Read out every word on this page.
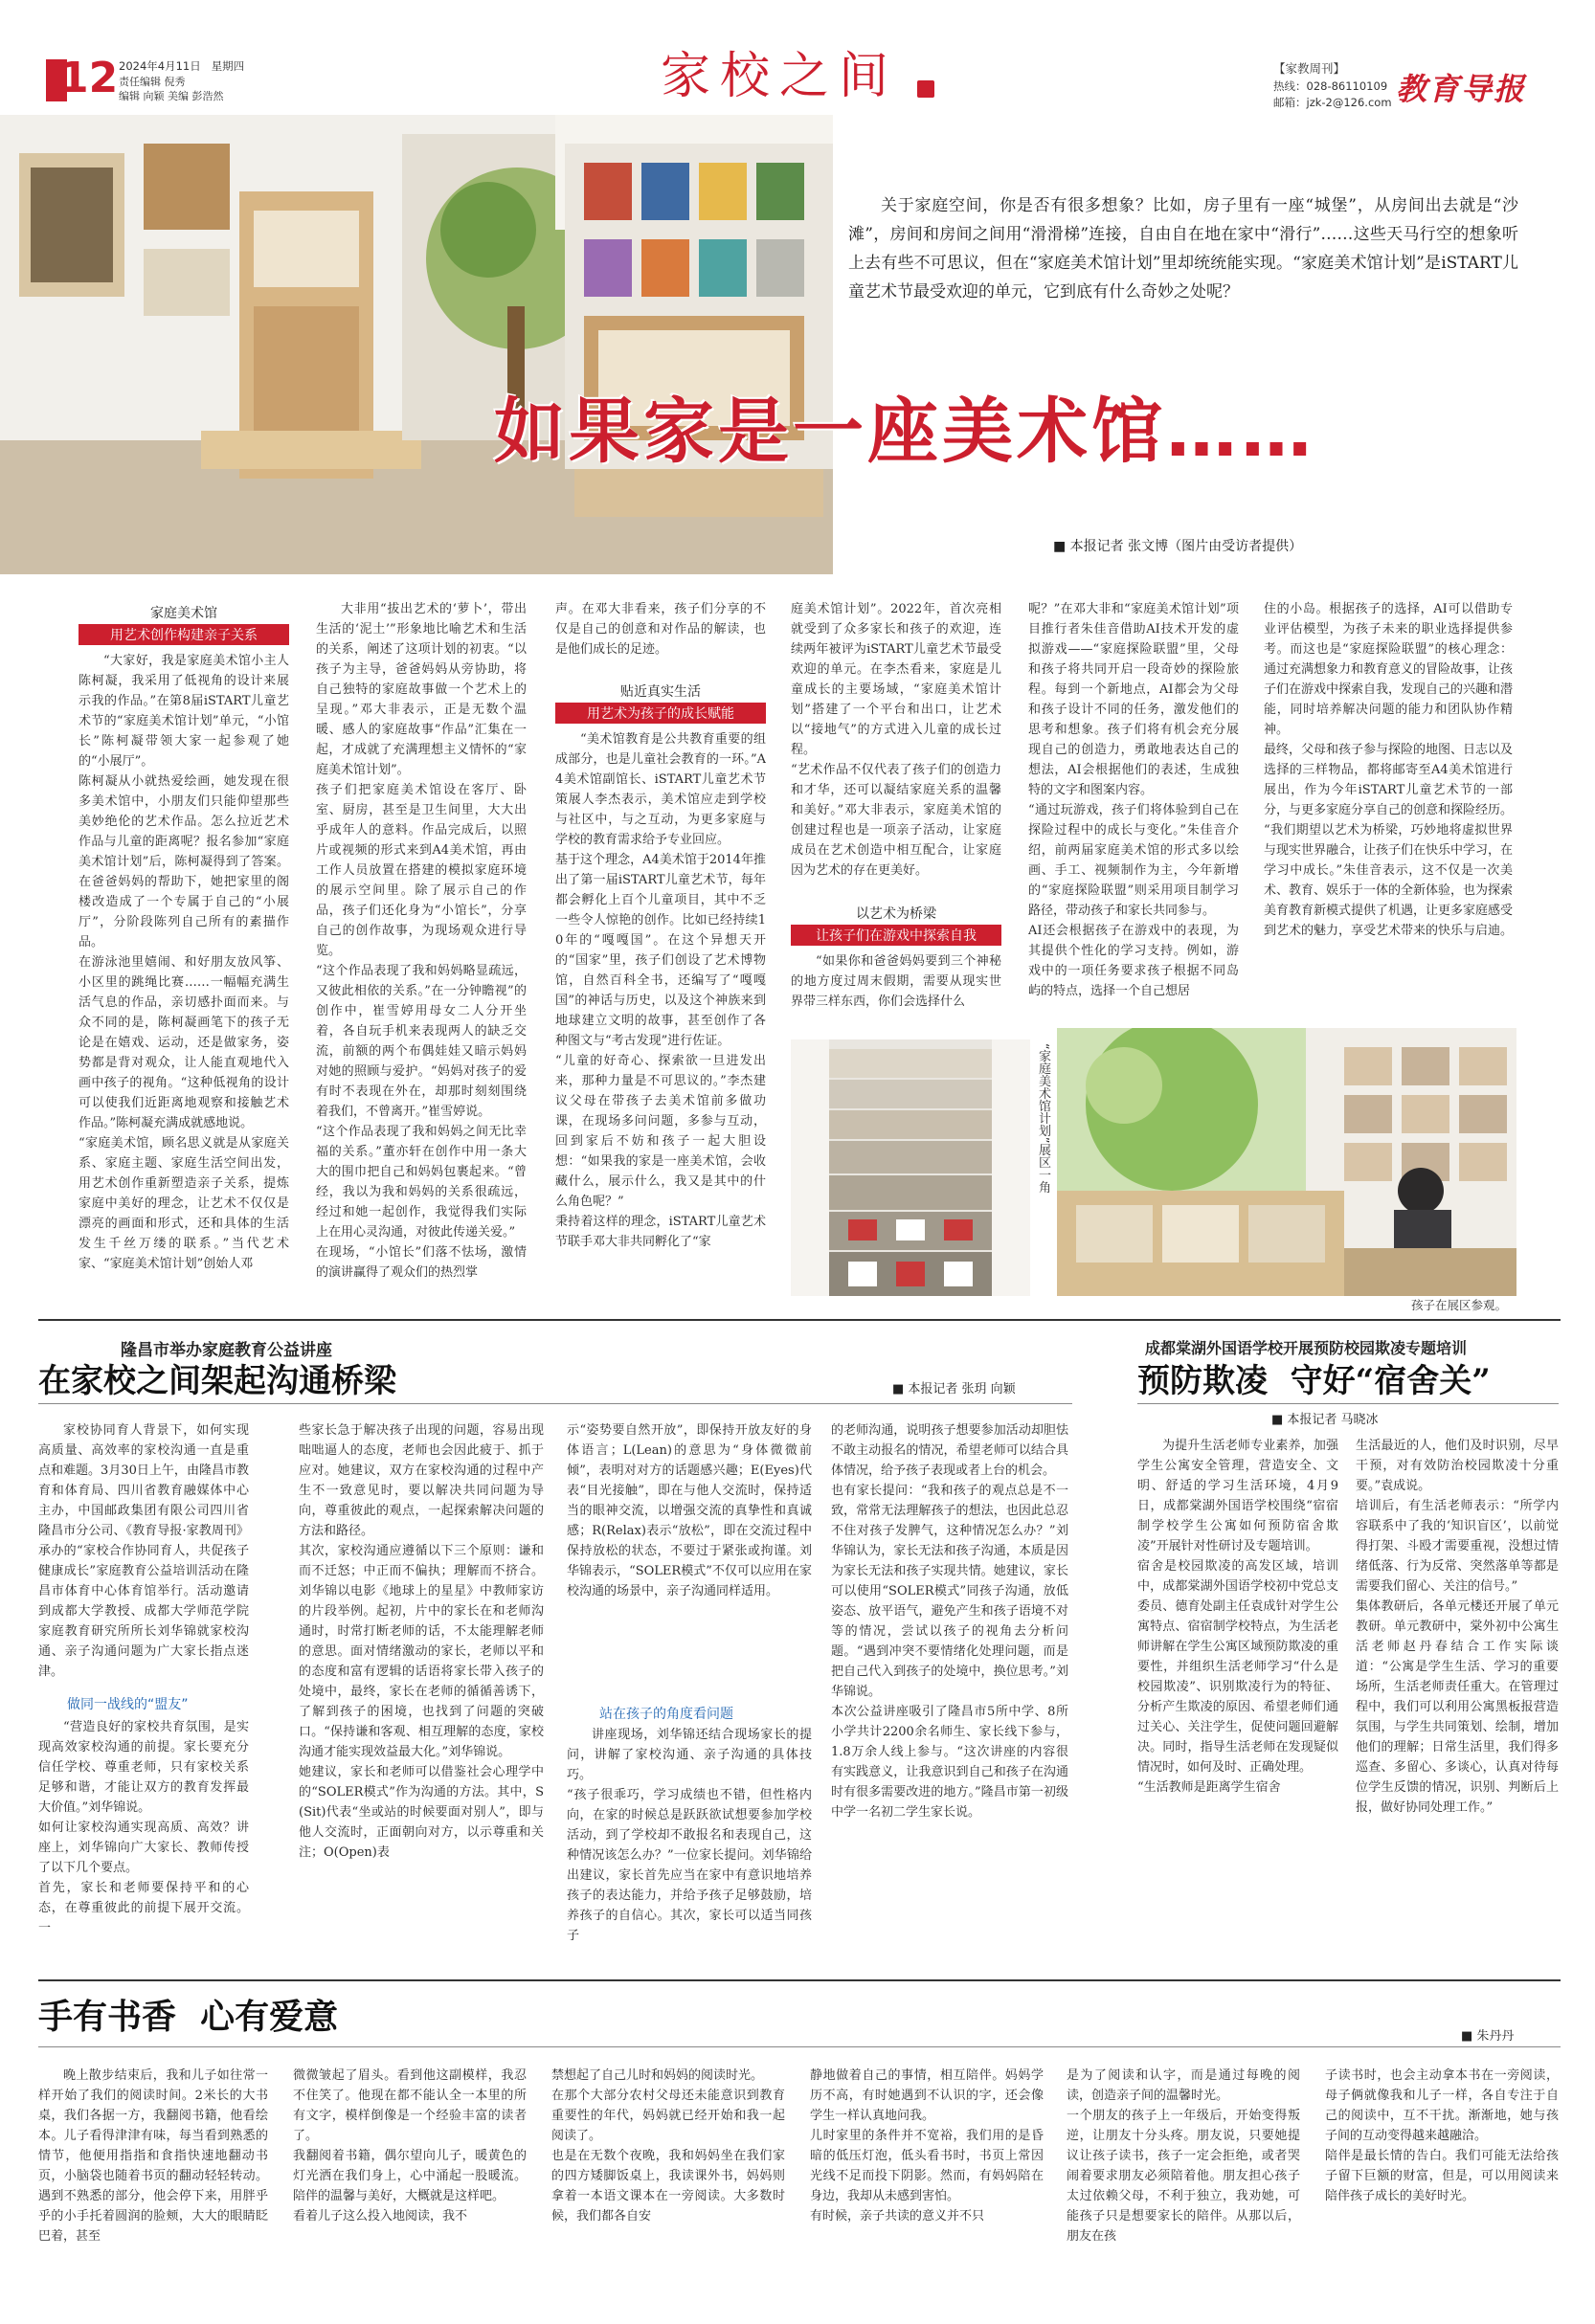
12 2024年4月11日 星期四
责任编辑 倪秀
编辑 向颖 美编 彭浩然	家校之间	【家教周刊】
热线：028-86110109
邮箱：jzk-2@126.com 教育导报
关于家庭空间，你是否有很多想象？比如，房子里有一座“城堡”，从房间出去就是“沙滩”，房间和房间之间用“滑滑梯”连接，自由自在地在家中“滑行”……这些天马行空的想象听上去有些不可思议，但在“家庭美术馆计划”里却统统能实现。“家庭美术馆计划”是iSTART儿童艺术节最受欢迎的单元，它到底有什么奇妙之处呢？
如果家是一座美术馆……
■ 本报记者 张文博（图片由受访者提供）
家庭美术馆
用艺术创作构建亲子关系
“大家好，我是家庭美术馆小主人陈柯凝，我采用了低视角的设计来展示我的作品。”在第8届iSTART儿童艺术节的“家庭美术馆计划”单元，“小馆长”陈柯凝带领大家一起参观了她的“小展厅”。
陈柯凝从小就热爱绘画，她发现在很多美术馆中，小朋友们只能仰望那些美妙绝伦的艺术作品。怎么拉近艺术作品与儿童的距离呢？报名参加“家庭美术馆计划”后，陈柯凝得到了答案。在爸爸妈妈的帮助下，她把家里的阁楼改造成了一个专属于自己的“小展厅”，分阶段陈列自己所有的素描作品。
在游泳池里嬉闹、和好朋友放风筝、小区里的跳绳比赛……一幅幅充满生活气息的作品，亲切感扑面而来。与众不同的是，陈柯凝画笔下的孩子无论是在嬉戏、运动，还是做家务，姿势都是背对观众，让人能直观地代入画中孩子的视角。“这种低视角的设计可以使我们近距离地观察和接触艺术作品。”陈柯凝充满成就感地说。
“家庭美术馆，顾名思义就是从家庭关系、家庭主题、家庭生活空间出发，用艺术创作重新塑造亲子关系，提炼家庭中美好的理念，让艺术不仅仅是漂亮的画面和形式，还和具体的生活发生千丝万缕的联系。”当代艺术家、“家庭美术馆计划”创始人邓
大非用“拔出艺术的‘萝卜’，带出生活的‘泥土’”形象地比喻艺术和生活的关系，阐述了这项计划的初衷。“以孩子为主导，爸爸妈妈从旁协助，将自己独特的家庭故事做一个艺术上的呈现。”邓大非表示，正是无数个温暖、感人的家庭故事“作品”汇集在一起，才成就了充满理想主义情怀的“家庭美术馆计划”。
孩子们把家庭美术馆设在客厅、卧室、厨房，甚至是卫生间里，大大出乎成年人的意料。作品完成后，以照片或视频的形式来到A4美术馆，再由工作人员放置在搭建的模拟家庭环境的展示空间里。除了展示自己的作品，孩子们还化身为“小馆长”，分享自己的创作故事，为现场观众进行导览。
“这个作品表现了我和妈妈略显疏远，又彼此相依的关系。”在一分钟瞻视”的创作中，崔雪婷用母女二人分开坐着，各自玩手机来表现两人的缺乏交流，前额的两个布偶娃娃又暗示妈妈对她的照顾与爱护。“妈妈对孩子的爱有时不表现在外在，却那时刻刻围绕着我们，不曾离开。”崔雪婷说。
“这个作品表现了我和妈妈之间无比幸福的关系。”董亦轩在创作中用一条大大的围巾把自己和妈妈包裹起来。“曾经，我以为我和妈妈的关系很疏远，经过和她一起创作，我觉得我们实际上在用心灵沟通，对彼此传递关爱。”
在现场，“小馆长”们落不怯场，激情的演讲赢得了观众们的热烈掌
声。在邓大非看来，孩子们分享的不仅是自己的创意和对作品的解读，也是他们成长的足迹。
贴近真实生活
用艺术为孩子的成长赋能
“美术馆教育是公共教育重要的组成部分，也是儿童社会教育的一环。”A4美术馆副馆长、iSTART儿童艺术节策展人李杰表示，美术馆应走到学校与社区中，与之互动，为更多家庭与学校的教育需求给予专业回应。
基于这个理念，A4美术馆于2014年推出了第一届iSTART儿童艺术节，每年都会孵化上百个儿童项目，其中不乏一些令人惊艳的创作。比如已经持续10年的“嘎嘎国”。在这个异想天开的“国家”里，孩子们创设了艺术博物馆，自然百科全书，还编写了“嘎嘎国”的神话与历史，以及这个神族来到地球建立文明的故事，甚至创作了各种图文与“考古发现”进行佐证。
“儿童的好奇心、探索欲一旦进发出来，那种力量是不可思议的。”李杰建议父母在带孩子去美术馆前多做功课，在现场多问问题，多参与互动，回到家后不妨和孩子一起大胆设想：“如果我的家是一座美术馆，会收藏什么，展示什么，我又是其中的什么角色呢？”
秉持着这样的理念，iSTART儿童艺术节联手邓大非共同孵化了“家
庭美术馆计划”。2022年，首次亮相就受到了众多家长和孩子的欢迎，连续两年被评为iSTART儿童艺术节最受欢迎的单元。在李杰看来，家庭是儿童成长的主要场域，“家庭美术馆计划”搭建了一个平台和出口，让艺术以“接地气”的方式进入儿童的成长过程。
“艺术作品不仅代表了孩子们的创造力和才华，还可以凝结家庭关系的温馨和美好。”邓大非表示，家庭美术馆的创建过程也是一项亲子活动，让家庭成员在艺术创造中相互配合，让家庭因为艺术的存在更美好。
以艺术为桥梁
让孩子们在游戏中探索自我
“如果你和爸爸妈妈要到三个神秘的地方度过周末假期，需要从现实世界带三样东西，你们会选择什么
呢？”在邓大非和“家庭美术馆计划”项目推行者朱佳音借助AI技术开发的虚拟游戏——“家庭探险联盟”里，父母和孩子将共同开启一段奇妙的探险旅程。每到一个新地点，AI都会为父母和孩子设计不同的任务，激发他们的思考和想象。孩子们将有机会充分展现自己的创造力，勇敢地表达自己的想法，AI会根据他们的表述，生成独特的文字和图案内容。
“通过玩游戏，孩子们将体验到自己在探险过程中的成长与变化。”朱佳音介绍，前两届家庭美术馆的形式多以绘画、手工、视频制作为主，今年新增的“家庭探险联盟”则采用项目制学习路径，带动孩子和家长共同参与。
AI还会根据孩子在游戏中的表现，为其提供个性化的学习支持。例如，游戏中的一项任务要求孩子根据不同岛屿的特点，选择一个自己想居
住的小岛。根据孩子的选择，AI可以借助专业评估模型，为孩子未来的职业选择提供参考。而这也是“家庭探险联盟”的核心理念：通过充满想象力和教育意义的冒险故事，让孩子们在游戏中探索自我，发现自己的兴趣和潜能，同时培养解决问题的能力和团队协作精神。
最终，父母和孩子参与探险的地图、日志以及选择的三样物品，都将邮寄至A4美术馆进行展出，作为今年iSTART儿童艺术节的一部分，与更多家庭分享自己的创意和探险经历。
“我们期望以艺术为桥梁，巧妙地将虚拟世界与现实世界融合，让孩子们在快乐中学习，在学习中成长。”朱佳音表示，这不仅是一次美术、教育、娱乐于一体的全新体验，也为探索美育教育新模式提供了机遇，让更多家庭感受到艺术的魅力，享受艺术带来的快乐与启迪。
“家庭美术馆计划”展区一角
孩子在展区参观。
隆昌市举办家庭教育公益讲座
在家校之间架起沟通桥梁	■ 本报记者 张玥 向颖
家校协同育人背景下，如何实现高质量、高效率的家校沟通一直是重点和难题。3月30日上午，由隆昌市教育和体育局、四川省教育融媒体中心主办，中国邮政集团有限公司四川省隆昌市分公司、《教育导报·家教周刊》承办的“家校合作协同育人，共促孩子健康成长”家庭教育公益培训活动在隆昌市体育中心体育馆举行。活动邀请到成都大学教授、成都大学师范学院家庭教育研究所所长刘华锦就家校沟通、亲子沟通问题为广大家长指点迷津。
做同一战线的“盟友”
“营造良好的家校共育氛围，是实现高效家校沟通的前提。家长要充分信任学校、尊重老师，只有家校关系足够和谐，才能让双方的教育发挥最大价值。”刘华锦说。
如何让家校沟通实现高质、高效？讲座上，刘华锦向广大家长、教师传授了以下几个要点。
首先，家长和老师要保持平和的心态，在尊重彼此的前提下展开交流。一
些家长急于解决孩子出现的问题，容易出现咄咄逼人的态度，老师也会因此疲于、抓于应对。她建议，双方在家校沟通的过程中产生不一致意见时，要以解决共同问题为导向，尊重彼此的观点，一起探索解决问题的方法和路径。
其次，家校沟通应遵循以下三个原则：谦和而不迁怒；中正而不偏执；理解而不挤合。刘华锦以电影《地球上的星星》中教师家访的片段举例。起初，片中的家长在和老师沟通时，时常打断老师的话，不太能理解老师的意思。面对情绪激动的家长，老师以平和的态度和富有逻辑的话语将家长带入孩子的处境中，最终，家长在老师的循循善诱下，了解到孩子的困境，也找到了问题的突破口。“保持谦和客观、相互理解的态度，家校沟通才能实现效益最大化。”刘华锦说。
她建议，家长和老师可以借鉴社会心理学中的“SOLER模式”作为沟通的方法。其中，S(Sit)代表“坐或站的时候要面对别人”，即与他人交流时，正面朝向对方，以示尊重和关注；O(Open)表
示“姿势要自然开放”，即保持开放友好的身体语言；L(Lean)的意思为“身体微微前倾”，表明对对方的话题感兴趣；E(Eyes)代表“目光接触”，即在与他人交流时，保持适当的眼神交流，以增强交流的真挚性和真诚感；R(Relax)表示“放松”，即在交流过程中保持放松的状态，不要过于紧张或拘谨。刘华锦表示，“SOLER模式”不仅可以应用在家校沟通的场景中，亲子沟通同样适用。
站在孩子的角度看问题
讲座现场，刘华锦还结合现场家长的提问，讲解了家校沟通、亲子沟通的具体技巧。
“孩子很乖巧，学习成绩也不错，但性格内向，在家的时候总是跃跃欲试想要参加学校活动，到了学校却不敢报名和表现自己，这种情况该怎么办？”一位家长提问。刘华锦给出建议，家长首先应当在家中有意识地培养孩子的表达能力，并给予孩子足够鼓励，培养孩子的自信心。其次，家长可以适当同孩子
的老师沟通，说明孩子想要参加活动却胆怯不敢主动报名的情况，希望老师可以结合具体情况，给予孩子表现或者上台的机会。
也有家长提问：“我和孩子的观点总是不一致，常常无法理解孩子的想法，也因此总忍不住对孩子发脾气，这种情况怎么办？”刘华锦认为，家长无法和孩子沟通，本质是因为家长无法和孩子实现共情。她建议，家长可以使用“SOLER模式”同孩子沟通，放低姿态、放平语气，避免产生和孩子语境不对等的情况，尝试以孩子的视角去分析问题。“遇到冲突不要情绪化处理问题，而是把自己代入到孩子的处境中，换位思考。”刘华锦说。
本次公益讲座吸引了隆昌市5所中学、8所小学共计2200余名师生、家长线下参与，1.8万余人线上参与。“这次讲座的内容很有实践意义，让我意识到自己和孩子在沟通时有很多需要改进的地方。”隆昌市第一初级中学一名初二学生家长说。
成都棠湖外国语学校开展预防校园欺凌专题培训
预防欺凌  守好“宿舍关”
■ 本报记者 马晓冰
为提升生活老师专业素养，加强学生公寓安全管理，营造安全、文明、舒适的学习生活环境，4月9日，成都棠湖外国语学校围绕“宿宿制学校学生公寓如何预防宿舍欺凌”开展针对性研讨及专题培训。
宿舍是校园欺凌的高发区域，培训中，成都棠湖外国语学校初中党总支委员、德育处副主任袁成针对学生公寓特点、宿宿制学校特点，为生活老师讲解在学生公寓区域预防欺凌的重要性，并组织生活老师学习“什么是校园欺凌”、识别欺凌行为的特征、分析产生欺凌的原因、希望老师们通过关心、关注学生，促使问题回避解决。同时，指导生活老师在发现疑似情况时，如何及时、正确处理。
“生活教师是距离学生宿舍
生活最近的人，他们及时识别，尽早干预，对有效防治校园欺凌十分重要。”袁成说。
培训后，有生活老师表示：“所学内容联系中了我的‘知识盲区’，以前觉得打架、斗殴才需要重视，没想过情绪低落、行为反常、突然落单等都是需要我们留心、关注的信号。”
集体教研后，各单元楼还开展了单元教研。单元教研中，棠外初中公寓生活老师赵丹春结合工作实际谈道：“公寓是学生生活、学习的重要场所，生活老师责任重大。在管理过程中，我们可以利用公寓黑板报营造氛围，与学生共同策划、绘制，增加他们的理解；日常生活里，我们得多巡查、多留心、多谈心，认真对待每位学生反馈的情况，识别、判断后上报，做好协同处理工作。”
手有书香  心有爱意	■ 朱丹丹
晚上散步结束后，我和儿子如往常一样开始了我们的阅读时间。2米长的大书桌，我们各据一方，我翻阅书籍，他看绘本。儿子看得津津有味，每当看到熟悉的情节，他便用指指和食指快速地翻动书页，小脑袋也随着书页的翻动轻轻转动。遇到不熟悉的部分，他会停下来，用胖乎乎的小手托着圆润的脸颊，大大的眼睛眨巴着，甚至
微微皱起了眉头。看到他这副模样，我忍不住笑了。他现在都不能认全一本里的所有文字，模样倒像是一个经验丰富的读者了。
我翻阅着书籍，偶尔望向儿子，暖黄色的灯光洒在我们身上，心中涌起一股暖流。陪伴的温馨与美好，大概就是这样吧。
看着儿子这么投入地阅读，我不
禁想起了自己儿时和妈妈的阅读时光。
在那个大部分农村父母还未能意识到教育重要性的年代，妈妈就已经开始和我一起阅读了。
也是在无数个夜晚，我和妈妈坐在我们家的四方矮脚饭桌上，我读课外书，妈妈则拿着一本语文课本在一旁阅读。大多数时候，我们都各自安
静地做着自己的事情，相互陪伴。妈妈学历不高，有时她遇到不认识的字，还会像学生一样认真地问我。
儿时家里的条件并不宽裕，我们用的是昏暗的低压灯泡，低头看书时，书页上常因光线不足而投下阴影。然而，有妈妈陪在身边，我却从未感到害怕。
有时候，亲子共读的意义并不只
是为了阅读和认字，而是通过每晚的阅读，创造亲子间的温馨时光。
一个朋友的孩子上一年级后，开始变得叛逆，让朋友十分头疼。朋友说，只要她提议让孩子读书，孩子一定会拒绝，或者哭闹着要求朋友必须陪着他。朋友担心孩子太过依赖父母，不利于独立，我劝她，可能孩子只是想要家长的陪伴。从那以后，朋友在孩
子读书时，也会主动拿本书在一旁阅读，母子俩就像我和儿子一样，各自专注于自己的阅读中，互不干扰。渐渐地，她与孩子间的互动变得越来越融洽。
陪伴是最长情的告白。我们可能无法给孩子留下巨额的财富，但是，可以用阅读来陪伴孩子成长的美好时光。
